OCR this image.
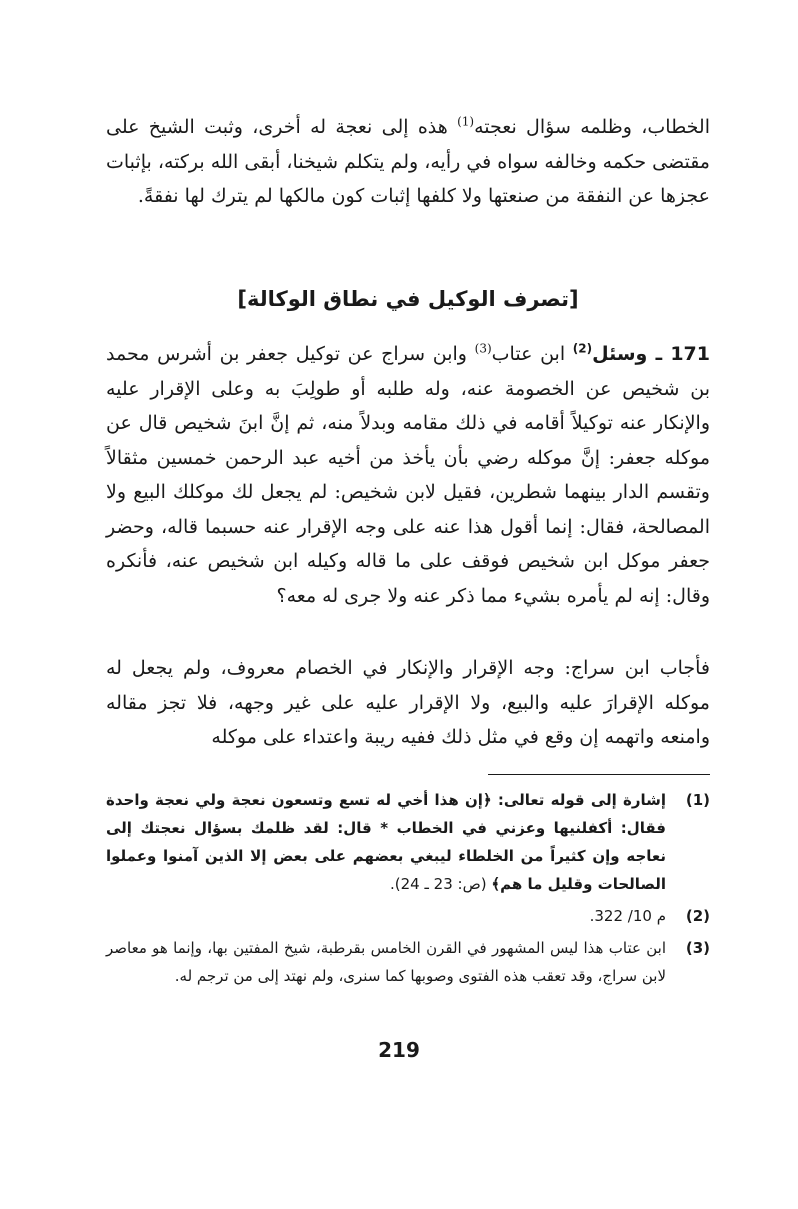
الخطاب، وظلمه سؤال نعجته$^{(1)}$ هذه إلى نعجة له أخرى، وثبت الشيخ على مقتضى حكمه وخالفه سواه في رأيه، ولم يتكلم شيخنا، أبقى الله بركته، بإثبات عجزها عن النفقة من صنعتها ولا كلفها إثبات كون مالكها لم يترك لها نفقةً.
[تصرف الوكيل في نطاق الوكالة]
171 ـ وسئل$^{(2)}$ ابن عتاب$^{(3)}$ وابن سراج عن توكيل جعفر بن أشرس محمد بن شخيص عن الخصومة عنه، وله طلبه أو طولِبَ به وعلى الإقرار عليه والإنكار عنه توكيلاً أقامه في ذلك مقامه وبدلاً منه، ثم إنَّ ابنَ شخيص قال عن موكله جعفر: إنَّ موكله رضي بأن يأخذ من أخيه عبد الرحمن خمسين مثقالاً وتقسم الدار بينهما شطرين، فقيل لابن شخيص: لم يجعل لك موكلك البيع ولا المصالحة، فقال: إنما أقول هذا عنه على وجه الإقرار عنه حسبما قاله، وحضر جعفر موكل ابن شخيص فوقف على ما قاله وكيله ابن شخيص عنه، فأنكره وقال: إنه لم يأمره بشيء مما ذكر عنه ولا جرى له معه؟
فأجاب ابن سراج: وجه الإقرار والإنكار في الخصام معروف، ولم يجعل له موكله الإقرارَ عليه والبيع، ولا الإقرار عليه على غير وجهه، فلا تجز مقاله وامنعه واتهمه إن وقع في مثل ذلك ففيه ريبة واعتداء على موكله
(1)
إشارة إلى قوله تعالى: ﴿إن هذا أخي له تسع وتسعون نعجة ولي نعجة واحدة فقال: أكفلنيها وعزني في الخطاب * قال: لقد ظلمك بسؤال نعجتك إلى نعاجه وإن كثيراً من الخلطاء ليبغي بعضهم على بعض إلا الذين آمنوا وعملوا الصالحات وقليل ما هم﴾ (ص: 23 ـ 24).
(2)
م 10/ 322.
(3)
ابن عتاب هذا ليس المشهور في القرن الخامس بقرطبة، شيخ المفتين بها، وإنما هو معاصر لابن سراج، وقد تعقب هذه الفتوى وصوبها كما سنرى، ولم نهتد إلى من ترجم له.
219
